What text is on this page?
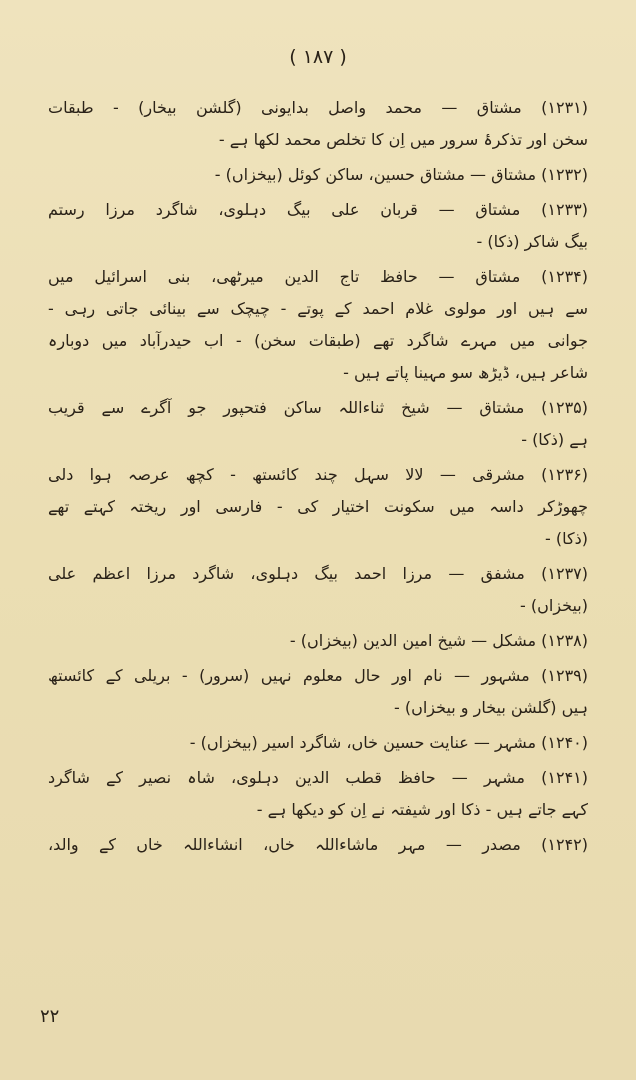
( ۱۸۷ )

(۱۲۳۱) مشتاق — محمد واصل بدایونی (گلشن بیخار) - طبقات

سخن اور تذکرۂ سرور میں اِن کا تخلص محمد لکھا ہے -

(۱۲۳۲) مشتاق — مشتاق حسین، ساکن کوئل (بیخزاں) -

(۱۲۳۳) مشتاق — قربان علی بیگ دہلوی، شاگرد مرزا رستم

بیگ شاکر (ذکا) -

(۱۲۳۴) مشتاق — حافظ تاج الدین میرٹھی، بنی اسرائیل میں

سے ہیں اور مولوی غلام احمد کے پوتے - چیچک سے بینائی جاتی رہی -

جوانی میں مہرے شاگرد تھے (طبقات سخن) - اب حیدرآباد میں دوبارہ

شاعر ہیں، ڈیڑھ سو مہینا پاتے ہیں -

(۱۲۳۵) مشتاق — شیخ ثناءاللہ ساکن فتحپور جو آگرے سے قریب

ہے (ذکا) -

(۱۲۳۶) مشرقی — لالا سہل چند کائستھ - کچھ عرصہ ہوا دلی

چھوڑکر داسہ میں سکونت اختیار کی - فارسی اور ریختہ کہتے تھے

(ذکا) -

(۱۲۳۷) مشفق — مرزا احمد بیگ دہلوی، شاگرد مرزا اعظم علی

(بیخزاں) -

(۱۲۳۸) مشکل — شیخ امین الدین (بیخزاں) -

(۱۲۳۹) مشہور — نام اور حال معلوم نہیں (سرور) - بریلی کے کائستھ

ہیں (گلشن بیخار و بیخزاں) -

(۱۲۴۰) مشہر — عنایت حسین خاں، شاگرد اسیر (بیخزاں) -

(۱۲۴۱) مشہر — حافظ قطب الدین دہلوی، شاہ نصیر کے شاگرد

کہے جاتے ہیں - ذکا اور شیفتہ نے اِن کو دیکھا ہے -

(۱۲۴۲) مصدر — مہر ماشاءاللہ خاں، انشاءاللہ خاں کے والد،

۲۲
